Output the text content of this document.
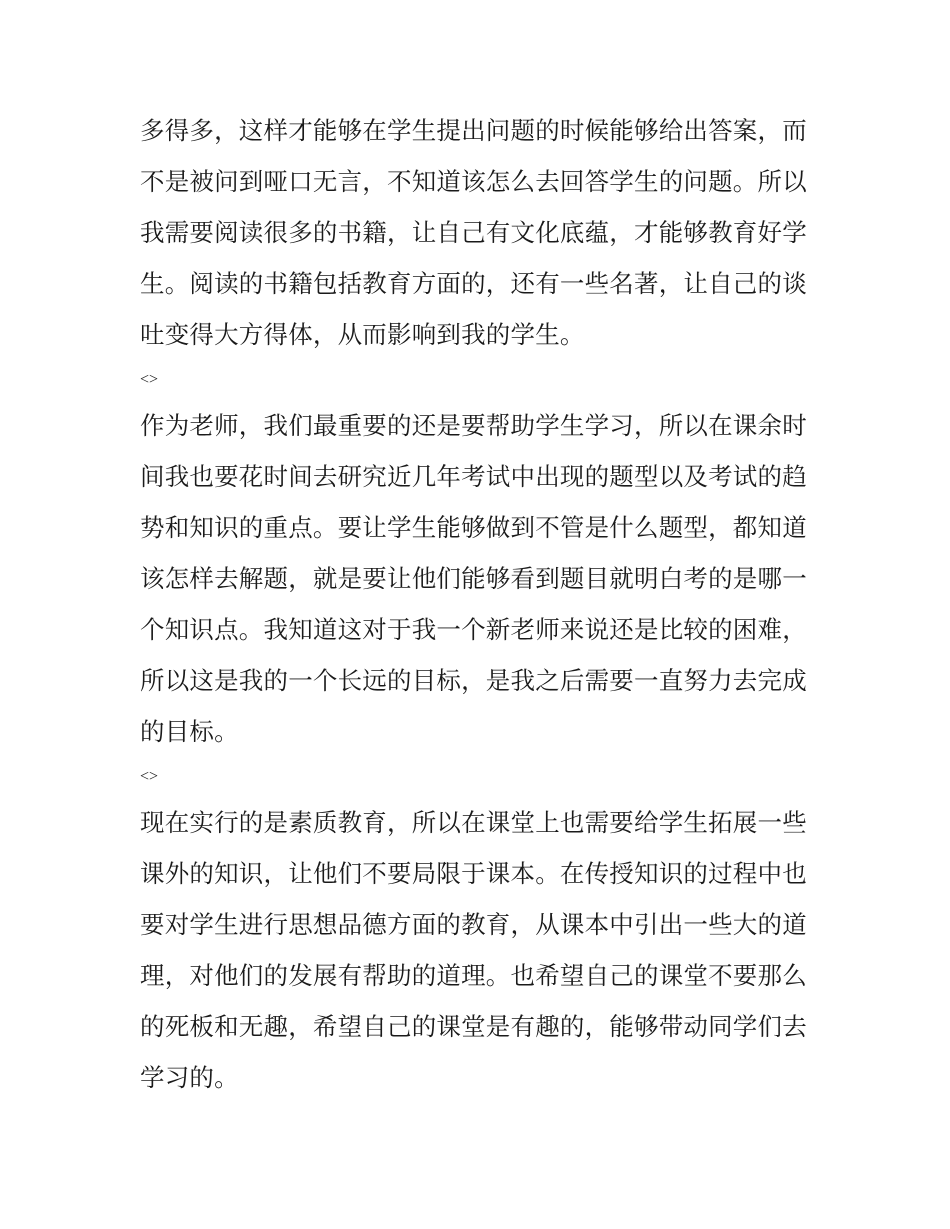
多得多，这样才能够在学生提出问题的时候能够给出答案，而
不是被问到哑口无言，不知道该怎么去回答学生的问题。所以
我需要阅读很多的书籍，让自己有文化底蕴，才能够教育好学
生。阅读的书籍包括教育方面的，还有一些名著，让自己的谈
吐变得大方得体，从而影响到我的学生。
<>
作为老师，我们最重要的还是要帮助学生学习，所以在课余时
间我也要花时间去研究近几年考试中出现的题型以及考试的趋
势和知识的重点。要让学生能够做到不管是什么题型，都知道
该怎样去解题，就是要让他们能够看到题目就明白考的是哪一
个知识点。我知道这对于我一个新老师来说还是比较的困难，
所以这是我的一个长远的目标，是我之后需要一直努力去完成
的目标。
<>
现在实行的是素质教育，所以在课堂上也需要给学生拓展一些
课外的知识，让他们不要局限于课本。在传授知识的过程中也
要对学生进行思想品德方面的教育，从课本中引出一些大的道
理，对他们的发展有帮助的道理。也希望自己的课堂不要那么
的死板和无趣，希望自己的课堂是有趣的，能够带动同学们去
学习的。
